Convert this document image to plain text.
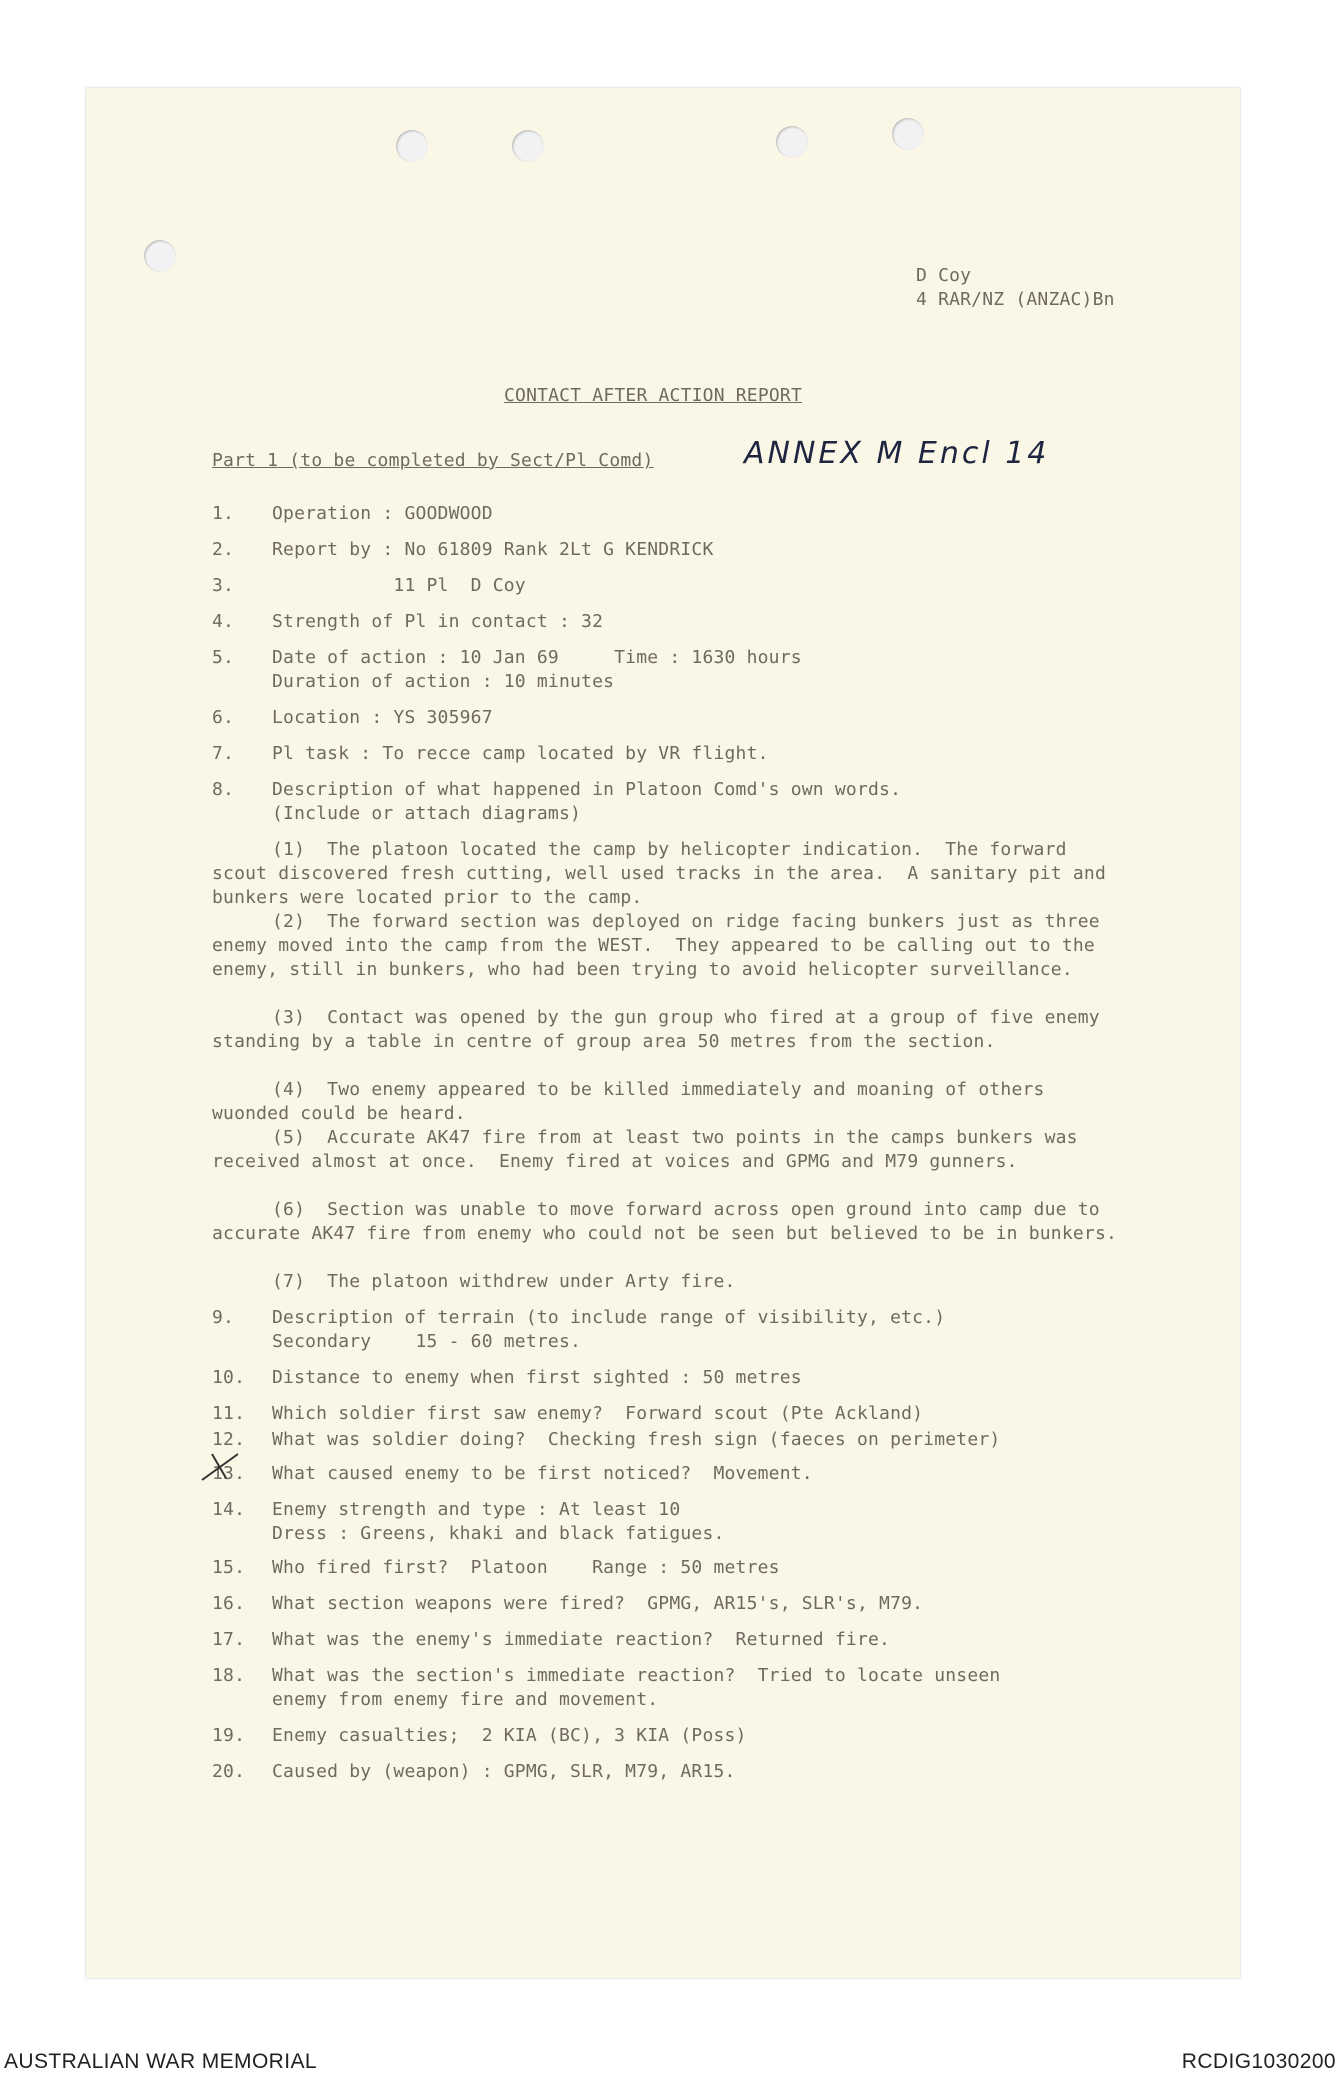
D Coy
4 RAR/NZ (ANZAC)Bn
CONTACT AFTER ACTION REPORT
Part 1 (to be completed by Sect/Pl Comd)	ANNEX M Encl 14
1.	Operation : GOODWOOD
2.	Report by : No 61809 Rank 2Lt G KENDRICK
3.	11 Pl  D Coy
4.	Strength of Pl in contact : 32
5.	Date of action : 10 Jan 69     Time : 1630 hours
Duration of action : 10 minutes
6.	Location : YS 305967
7.	Pl task : To recce camp located by VR flight.
8.	Description of what happened in Platoon Comd's own words.
(Include or attach diagrams)
(1)  The platoon located the camp by helicopter indication.  The forward scout discovered fresh cutting, well used tracks in the area.  A sanitary pit and bunkers were located prior to the camp.
(2)  The forward section was deployed on ridge facing bunkers just as three enemy moved into the camp from the WEST.  They appeared to be calling out to the enemy, still in bunkers, who had been trying to avoid helicopter surveillance.
(3)  Contact was opened by the gun group who fired at a group of five enemy standing by a table in centre of group area 50 metres from the section.
(4)  Two enemy appeared to be killed immediately and moaning of others wuonded could be heard.
(5)  Accurate AK47 fire from at least two points in the camps bunkers was received almost at once.  Enemy fired at voices and GPMG and M79 gunners.
(6)  Section was unable to move forward across open ground into camp due to accurate AK47 fire from enemy who could not be seen but believed to be in bunkers.
(7)  The platoon withdrew under Arty fire.
9.	Description of terrain (to include range of visibility, etc.)
Secondary    15 - 60 metres.
10.	Distance to enemy when first sighted : 50 metres
11.	Which soldier first saw enemy?  Forward scout (Pte Ackland)
12.	What was soldier doing?  Checking fresh sign (faeces on perimeter)
13.	What caused enemy to be first noticed?  Movement.
14.	Enemy strength and type : At least 10
Dress : Greens, khaki and black fatigues.
15.	Who fired first?  Platoon    Range : 50 metres
16.	What section weapons were fired?  GPMG, AR15's, SLR's, M79.
17.	What was the enemy's immediate reaction?  Returned fire.
18.	What was the section's immediate reaction?  Tried to locate unseen
enemy from enemy fire and movement.
19.	Enemy casualties;  2 KIA (BC), 3 KIA (Poss)
20.	Caused by (weapon) : GPMG, SLR, M79, AR15.
AUSTRALIAN WAR MEMORIAL	RCDIG1030200
